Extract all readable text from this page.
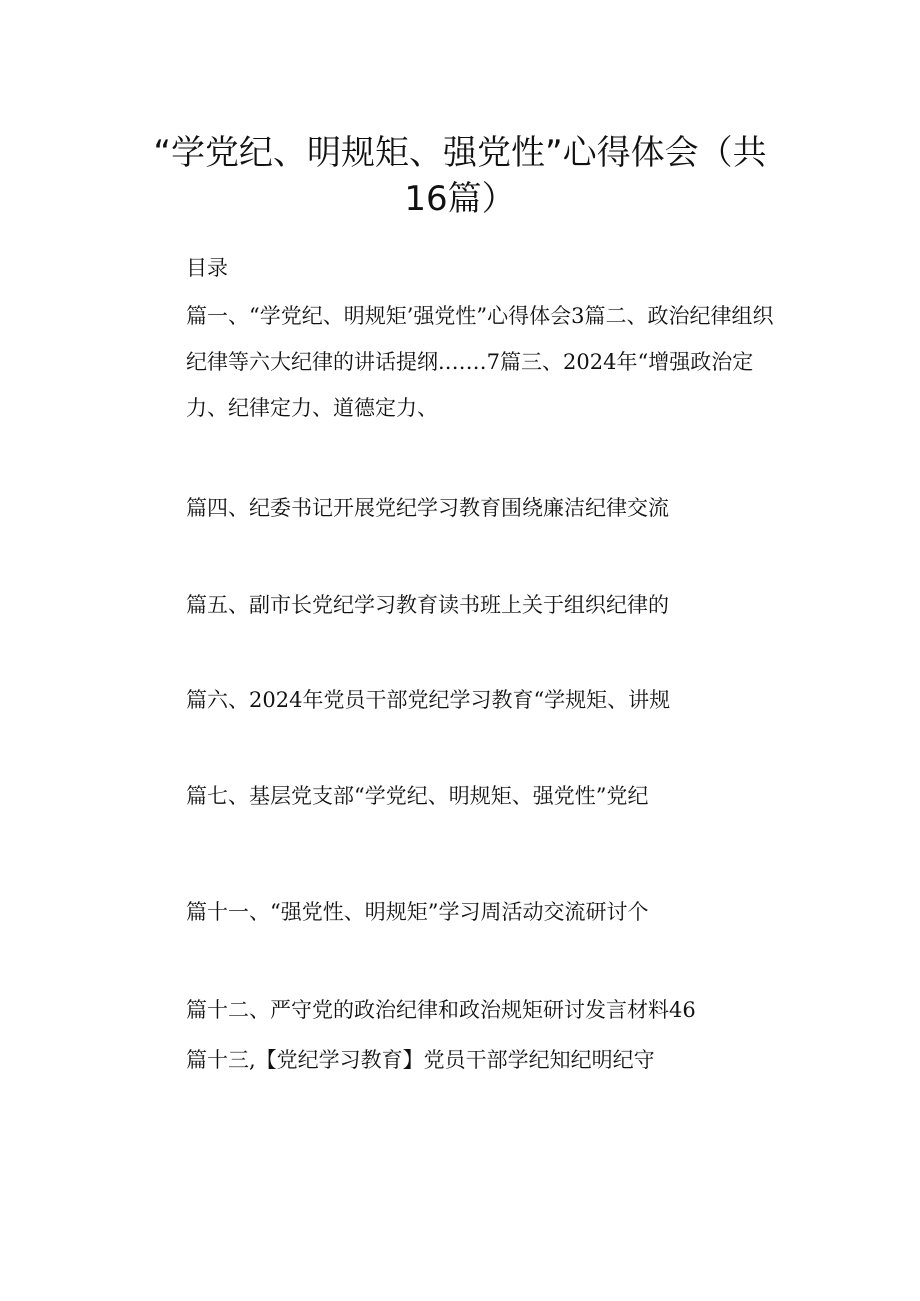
“学党纪、明规矩、强党性”心得体会（共16篇）

目录

篇一、“学党纪、明规矩’强党性”心得体会3篇二、政治纪律组织纪律等六大纪律的讲话提纲.……7篇三、2024年“增强政治定力、纪律定力、道德定力、

篇四、纪委书记开展党纪学习教育围绕廉洁纪律交流

篇五、副市长党纪学习教育读书班上关于组织纪律的

篇六、2024年党员干部党纪学习教育“学规矩、讲规

篇七、基层党支部“学党纪、明规矩、强党性”党纪

篇十一、“强党性、明规矩”学习周活动交流研讨个

篇十二、严守党的政治纪律和政治规矩研讨发言材料46

篇十三,【党纪学习教育】党员干部学纪知纪明纪守
